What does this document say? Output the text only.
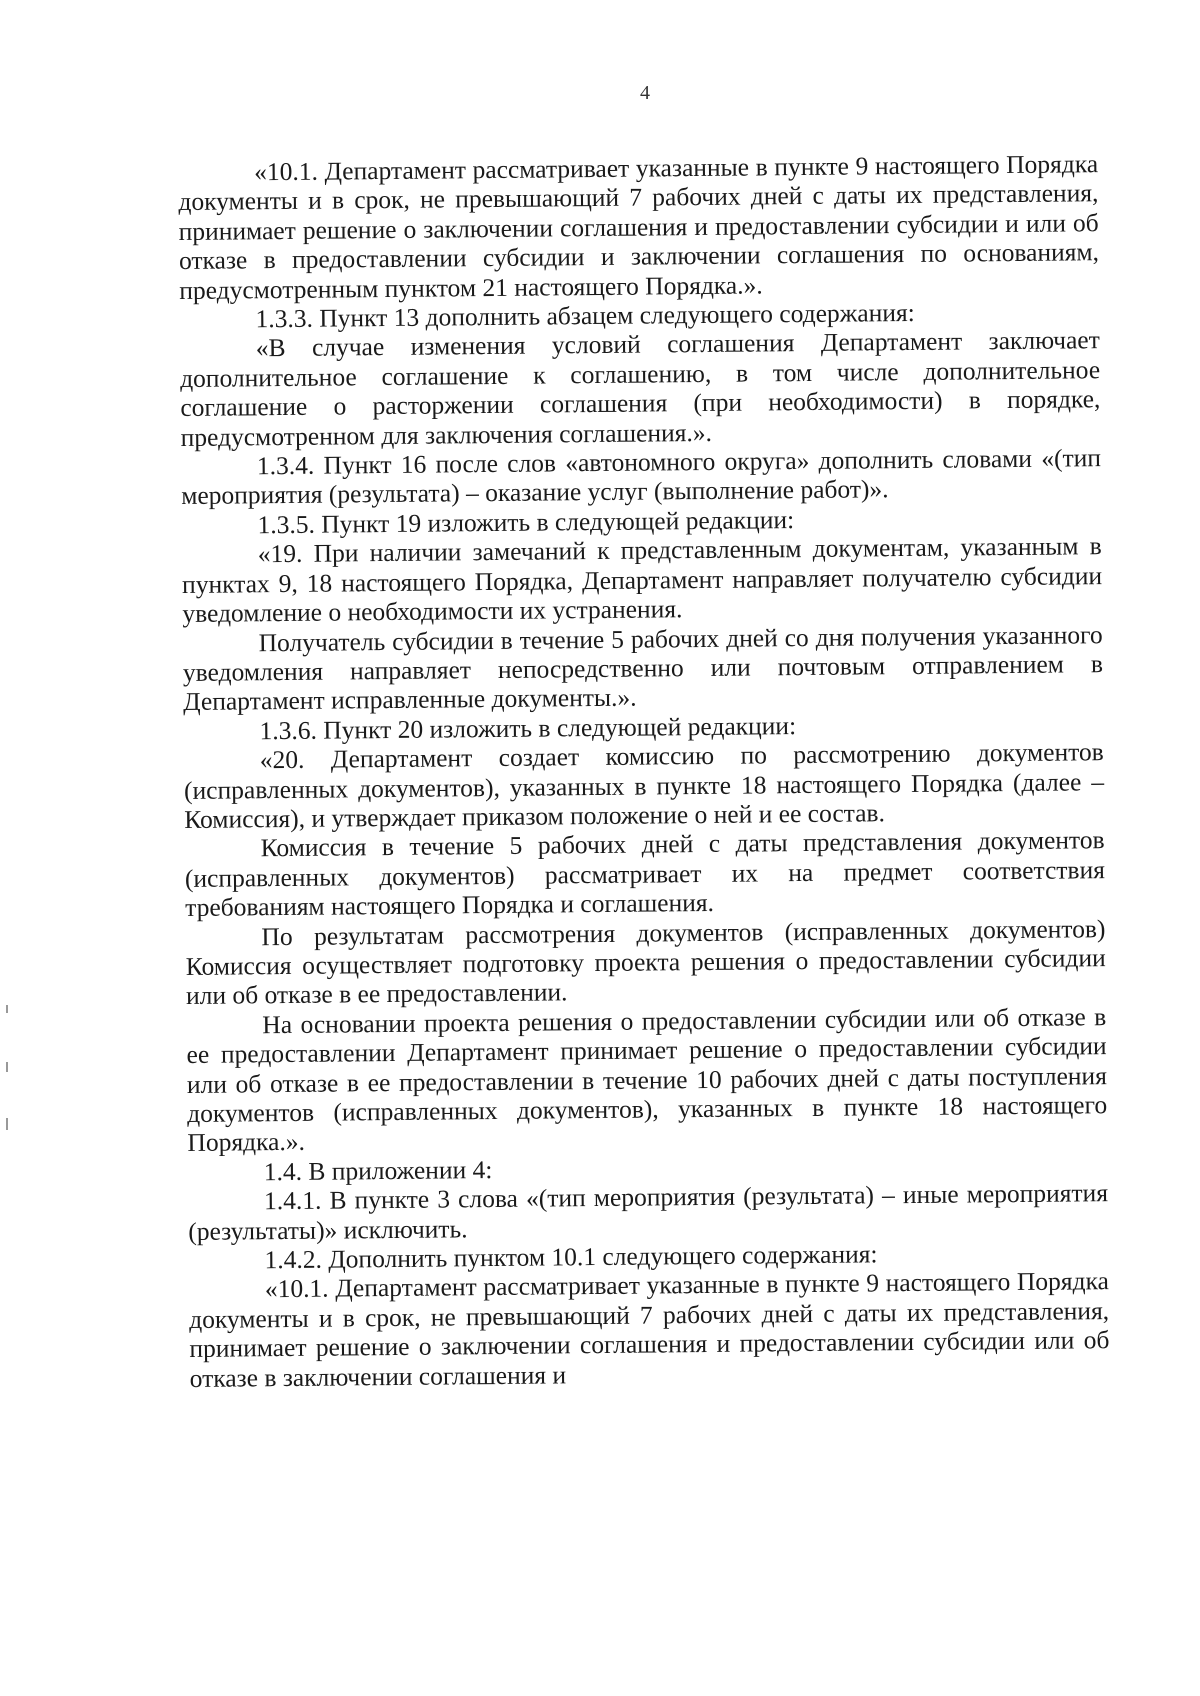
4

«10.1. Департамент рассматривает указанные в пункте 9 настоящего Порядка документы и в срок, не превышающий 7 рабочих дней с даты их представления, принимает решение о заключении соглашения и предоставлении субсидии и или об отказе в предоставлении субсидии и заключении соглашения по основаниям, предусмотренным пунктом 21 настоящего Порядка.».

1.3.3. Пункт 13 дополнить абзацем следующего содержания:

«В случае изменения условий соглашения Департамент заключает дополнительное соглашение к соглашению, в том числе дополнительное соглашение о расторжении соглашения (при необходимости) в порядке, предусмотренном для заключения соглашения.».

1.3.4. Пункт 16 после слов «автономного округа» дополнить словами «(тип мероприятия (результата) – оказание услуг (выполнение работ)».

1.3.5. Пункт 19 изложить в следующей редакции:

«19. При наличии замечаний к представленным документам, указанным в пунктах 9, 18 настоящего Порядка, Департамент направляет получателю субсидии уведомление о необходимости их устранения.

Получатель субсидии в течение 5 рабочих дней со дня получения указанного уведомления направляет непосредственно или почтовым отправлением в Департамент исправленные документы.».

1.3.6. Пункт 20 изложить в следующей редакции:

«20. Департамент создает комиссию по рассмотрению документов (исправленных документов), указанных в пункте 18 настоящего Порядка (далее – Комиссия), и утверждает приказом положение о ней и ее состав.

Комиссия в течение 5 рабочих дней с даты представления документов (исправленных документов) рассматривает их на предмет соответствия требованиям настоящего Порядка и соглашения.

По результатам рассмотрения документов (исправленных документов) Комиссия осуществляет подготовку проекта решения о предоставлении субсидии или об отказе в ее предоставлении.

На основании проекта решения о предоставлении субсидии или об отказе в ее предоставлении Департамент принимает решение о предоставлении субсидии или об отказе в ее предоставлении в течение 10 рабочих дней с даты поступления документов (исправленных документов), указанных в пункте 18 настоящего Порядка.».

1.4. В приложении 4:

1.4.1. В пункте 3 слова «(тип мероприятия (результата) – иные мероприятия (результаты)» исключить.

1.4.2. Дополнить пунктом 10.1 следующего содержания:

«10.1. Департамент рассматривает указанные в пункте 9 настоящего Порядка документы и в срок, не превышающий 7 рабочих дней с даты их представления, принимает решение о заключении соглашения и предоставлении субсидии или об отказе в заключении соглашения и
